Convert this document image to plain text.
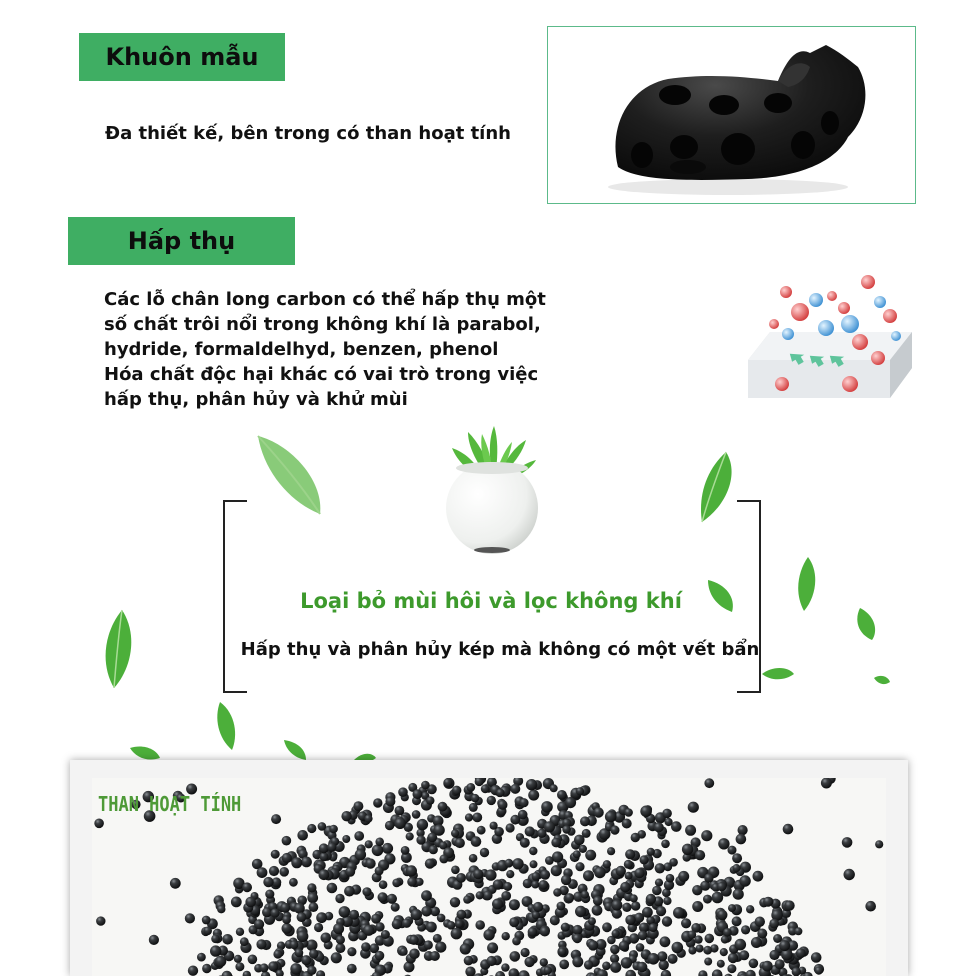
Khuôn mẫu
Đa thiết kế, bên trong có than hoạt tính
Hấp thụ
Các lỗ chân long carbon có thể hấp thụ một
số chất trôi nổi trong không khí là parabol,
hydride, formaldelhyd, benzen, phenol
Hóa chất độc hại khác có vai trò trong việc
hấp thụ, phân hủy và khử mùi
Loại bỏ mùi hôi và lọc không khí
Hấp thụ và phân hủy kép mà không có một vết bẩn
THAN HOẠT TÍNH
